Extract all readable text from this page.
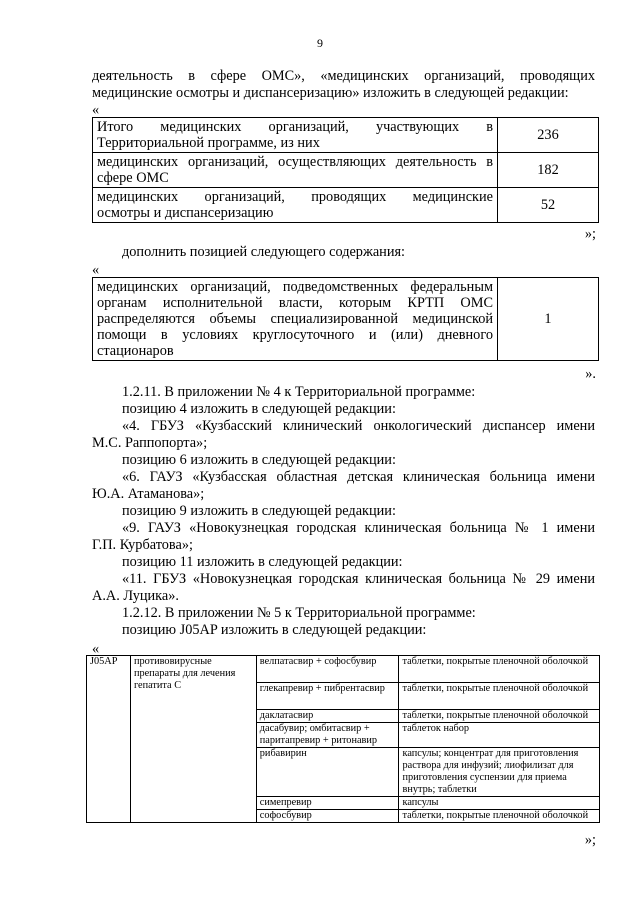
9
деятельность в сфере ОМС», «медицинских организаций, проводящих
медицинские осмотры и диспансеризацию» изложить в следующей редакции:
«
Итого медицинских организаций, участвующих в
Территориальной программе, из них	236

медицинских организаций, осуществляющих деятельность в
сфере ОМС	182

медицинских организаций, проводящих медицинские
осмотры и диспансеризацию	52
»;
дополнить позицией следующего содержания:
«
медицинских организаций, подведомственных федеральным
органам исполнительной власти, которым КРТП ОМС
распределяются объемы специализированной медицинской
помощи в условиях круглосуточного и (или) дневного
стационаров
	1
».
1.2.11. В приложении № 4 к Территориальной программе:
позицию 4 изложить в следующей редакции:
«4. ГБУЗ «Кузбасский клинический онкологический диспансер имени
М.С. Раппопорта»;
позицию 6 изложить в следующей редакции:
«6. ГАУЗ «Кузбасская областная детская клиническая больница имени
Ю.А. Атаманова»;
позицию 9 изложить в следующей редакции:
«9. ГАУЗ «Новокузнецкая городская клиническая больница № 1 имени
Г.П. Курбатова»;
позицию 11 изложить в следующей редакции:
«11. ГБУЗ «Новокузнецкая городская клиническая больница № 29 имени
А.А. Луцика».
1.2.12. В приложении № 5 к Территориальной программе:
позицию J05AP изложить в следующей редакции:
«
J05AP	противовирусные препараты для лечения гепатита С	велпатасвир + софосбувир	таблетки, покрытые пленочной оболочкой
		глекапревир + пибрентасвир	таблетки, покрытые пленочной оболочкой
		даклатасвир	таблетки, покрытые пленочной оболочкой
		дасабувир; омбитасвир + паритапревир + ритонавир	таблеток набор
		рибавирин	капсулы; концентрат для приготовления раствора для инфузий; лиофилизат для приготовления суспензии для приема внутрь; таблетки
		симепревир	капсулы
		софосбувир	таблетки, покрытые пленочной оболочкой
»;
